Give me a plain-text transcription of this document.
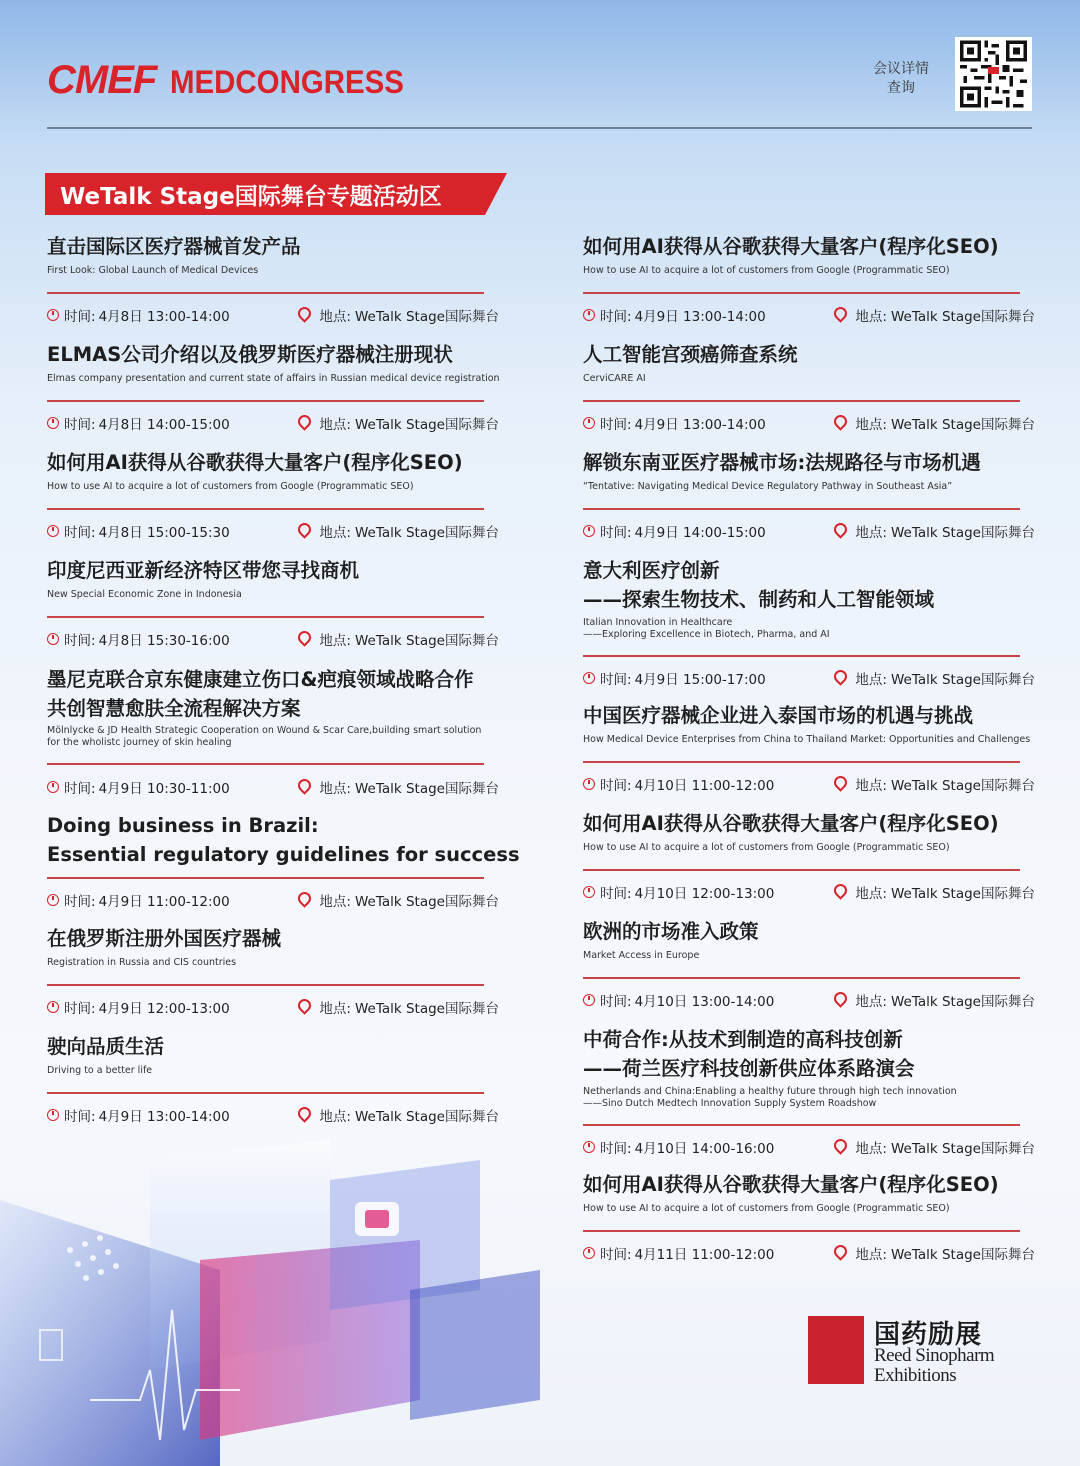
CMEF MEDCONGRESS	会议详情
查询
WeTalk Stage国际舞台专题活动区
直击国际区医疗器械首发产品
First Look: Global Launch of Medical Devices
时间: 4月8日 13:00-14:00	地点: WeTalk Stage国际舞台
ELMAS公司介绍以及俄罗斯医疗器械注册现状
Elmas company presentation and current state of affairs in Russian medical device registration
时间: 4月8日 14:00-15:00	地点: WeTalk Stage国际舞台
如何用AI获得从谷歌获得大量客户(程序化SEO)
How to use AI to acquire a lot of customers from Google (Programmatic SEO)
时间: 4月8日 15:00-15:30	地点: WeTalk Stage国际舞台
印度尼西亚新经济特区带您寻找商机
New Special Economic Zone in Indonesia
时间: 4月8日 15:30-16:00	地点: WeTalk Stage国际舞台
墨尼克联合京东健康建立伤口&疤痕领域战略合作
共创智慧愈肤全流程解决方案
Mölnlycke & JD Health Strategic Cooperation on Wound & Scar Care,building smart solution
for the wholistc journey of skin healing
时间: 4月9日 10:30-11:00	地点: WeTalk Stage国际舞台
Doing business in Brazil:
Essential regulatory guidelines for success
时间: 4月9日 11:00-12:00	地点: WeTalk Stage国际舞台
在俄罗斯注册外国医疗器械
Registration in Russia and CIS countries
时间: 4月9日 12:00-13:00	地点: WeTalk Stage国际舞台
驶向品质生活
Driving to a better life
时间: 4月9日 13:00-14:00	地点: WeTalk Stage国际舞台
如何用AI获得从谷歌获得大量客户(程序化SEO)
How to use AI to acquire a lot of customers from Google (Programmatic SEO)
时间: 4月9日 13:00-14:00	地点: WeTalk Stage国际舞台
人工智能宫颈癌筛查系统
CerviCARE AI
时间: 4月9日 13:00-14:00	地点: WeTalk Stage国际舞台
解锁东南亚医疗器械市场:法规路径与市场机遇
“Tentative: Navigating Medical Device Regulatory Pathway in Southeast Asia”
时间: 4月9日 14:00-15:00	地点: WeTalk Stage国际舞台
意大利医疗创新
——探索生物技术、制药和人工智能领域
Italian Innovation in Healthcare
——Exploring Excellence in Biotech, Pharma, and AI
时间: 4月9日 15:00-17:00	地点: WeTalk Stage国际舞台
中国医疗器械企业进入泰国市场的机遇与挑战
How Medical Device Enterprises from China to Thailand Market: Opportunities and Challenges
时间: 4月10日 11:00-12:00	地点: WeTalk Stage国际舞台
如何用AI获得从谷歌获得大量客户(程序化SEO)
How to use AI to acquire a lot of customers from Google (Programmatic SEO)
时间: 4月10日 12:00-13:00	地点: WeTalk Stage国际舞台
欧洲的市场准入政策
Market Access in Europe
时间: 4月10日 13:00-14:00	地点: WeTalk Stage国际舞台
中荷合作:从技术到制造的高科技创新
——荷兰医疗科技创新供应体系路演会
Netherlands and China:Enabling a healthy future through high tech innovation
——Sino Dutch Medtech Innovation Supply System Roadshow
时间: 4月10日 14:00-16:00	地点: WeTalk Stage国际舞台
如何用AI获得从谷歌获得大量客户(程序化SEO)
How to use AI to acquire a lot of customers from Google (Programmatic SEO)
时间: 4月11日 11:00-12:00	地点: WeTalk Stage国际舞台
国药励展
Reed Sinopharm
Exhibitions
